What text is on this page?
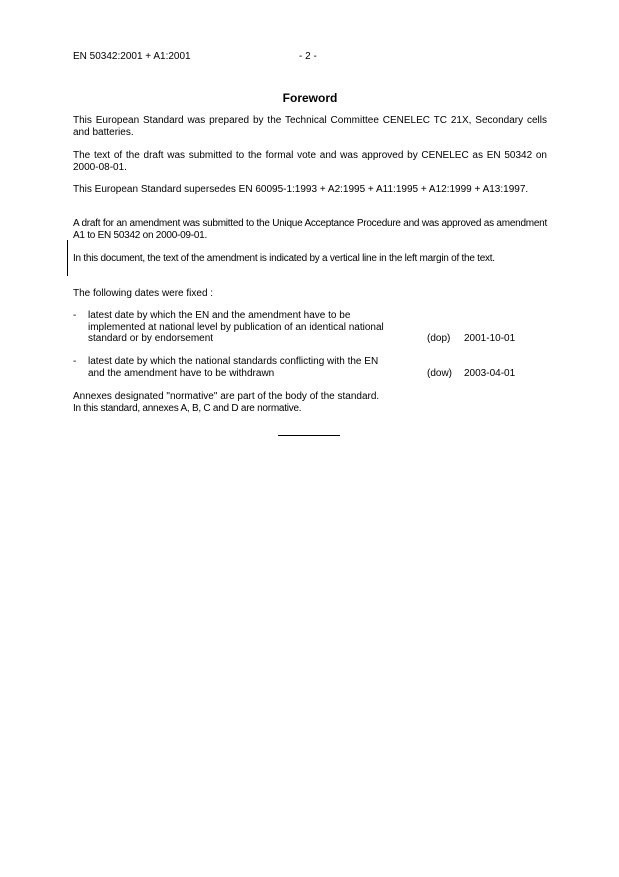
EN 50342:2001 + A1:2001	- 2 -
Foreword
This European Standard was prepared by the Technical Committee CENELEC TC 21X, Secondary cells and batteries.
The text of the draft was submitted to the formal vote and was approved by CENELEC as EN 50342 on 2000-08-01.
This European Standard supersedes EN 60095-1:1993 + A2:1995 + A11:1995 + A12:1999 + A13:1997.
A draft for an amendment was submitted to the Unique Acceptance Procedure and was approved as amendment A1 to EN 50342 on 2000-09-01.
In this document, the text of the amendment is indicated by a vertical line in the left margin of the text.
The following dates were fixed :
- latest date by which the EN and the amendment have to be implemented at national level by publication of an identical national standard or by endorsement	(dop) 2001-10-01
- latest date by which the national standards conflicting with the EN and the amendment have to be withdrawn	(dow) 2003-04-01
Annexes designated "normative" are part of the body of the standard.
In this standard, annexes A, B, C and D are normative.
